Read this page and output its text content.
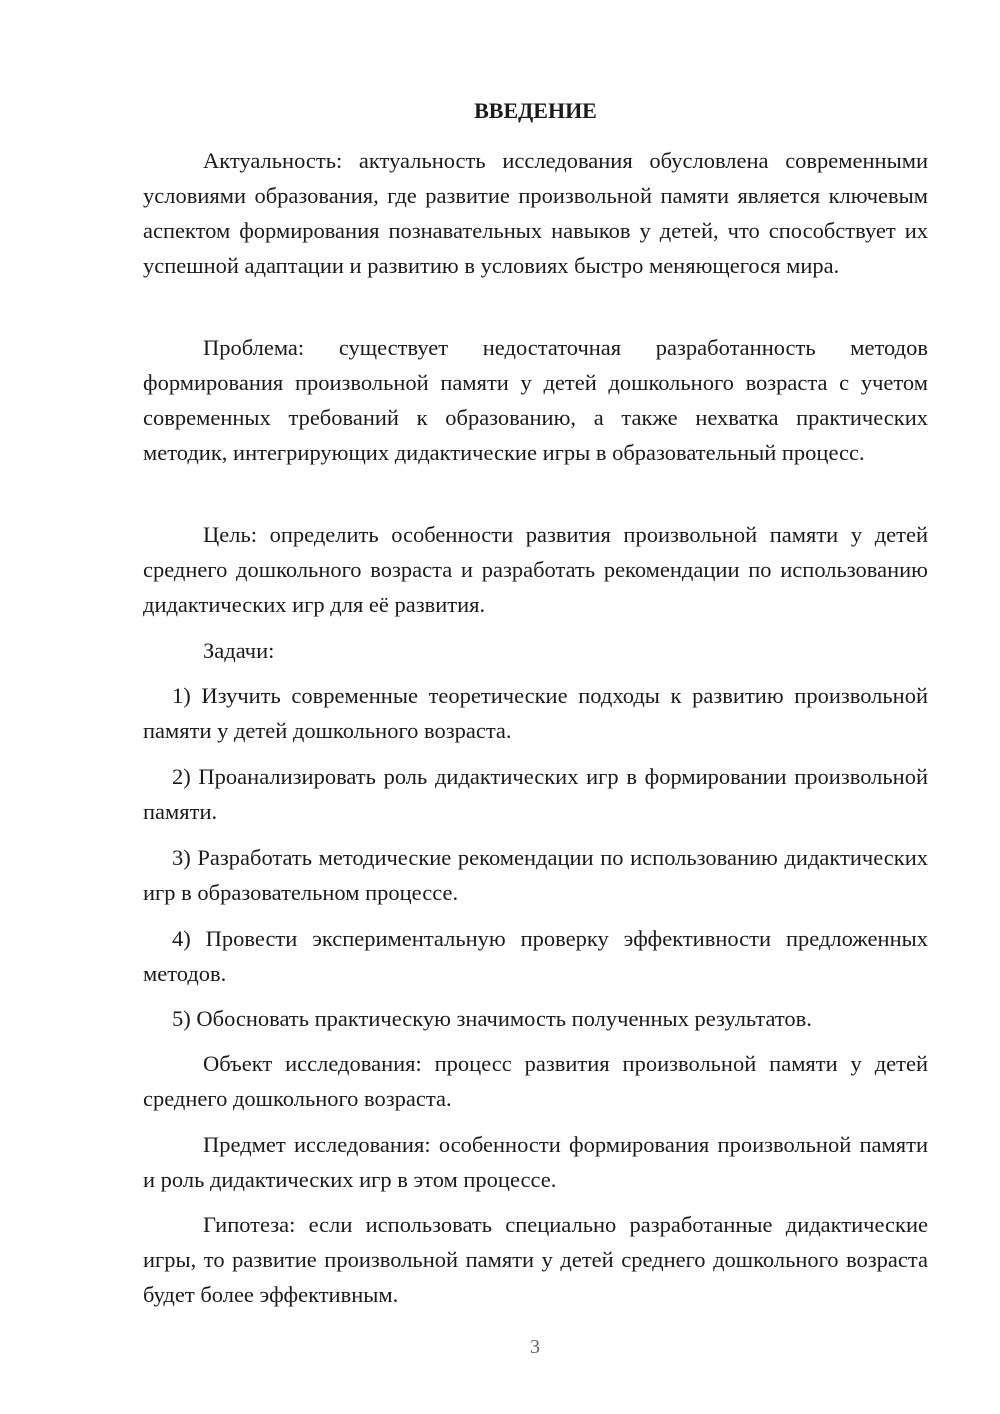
ВВЕДЕНИЕ

Актуальность: актуальность исследования обусловлена современными условиями образования, где развитие произвольной памяти является ключевым аспектом формирования познавательных навыков у детей, что способствует их успешной адаптации и развитию в условиях быстро меняющегося мира.

Проблема: существует недостаточная разработанность методов формирования произвольной памяти у детей дошкольного возраста с учетом современных требований к образованию, а также нехватка практических методик, интегрирующих дидактические игры в образовательный процесс.

Цель: определить особенности развития произвольной памяти у детей среднего дошкольного возраста и разработать рекомендации по использованию дидактических игр для её развития.

Задачи:

1) Изучить современные теоретические подходы к развитию произвольной памяти у детей дошкольного возраста.

2) Проанализировать роль дидактических игр в формировании произвольной памяти.

3) Разработать методические рекомендации по использованию дидактических игр в образовательном процессе.

4) Провести экспериментальную проверку эффективности предложенных методов.

5) Обосновать практическую значимость полученных результатов.

Объект исследования: процесс развития произвольной памяти у детей среднего дошкольного возраста.

Предмет исследования: особенности формирования произвольной памяти и роль дидактических игр в этом процессе.

Гипотеза: если использовать специально разработанные дидактические игры, то развитие произвольной памяти у детей среднего дошкольного возраста будет более эффективным.

3
